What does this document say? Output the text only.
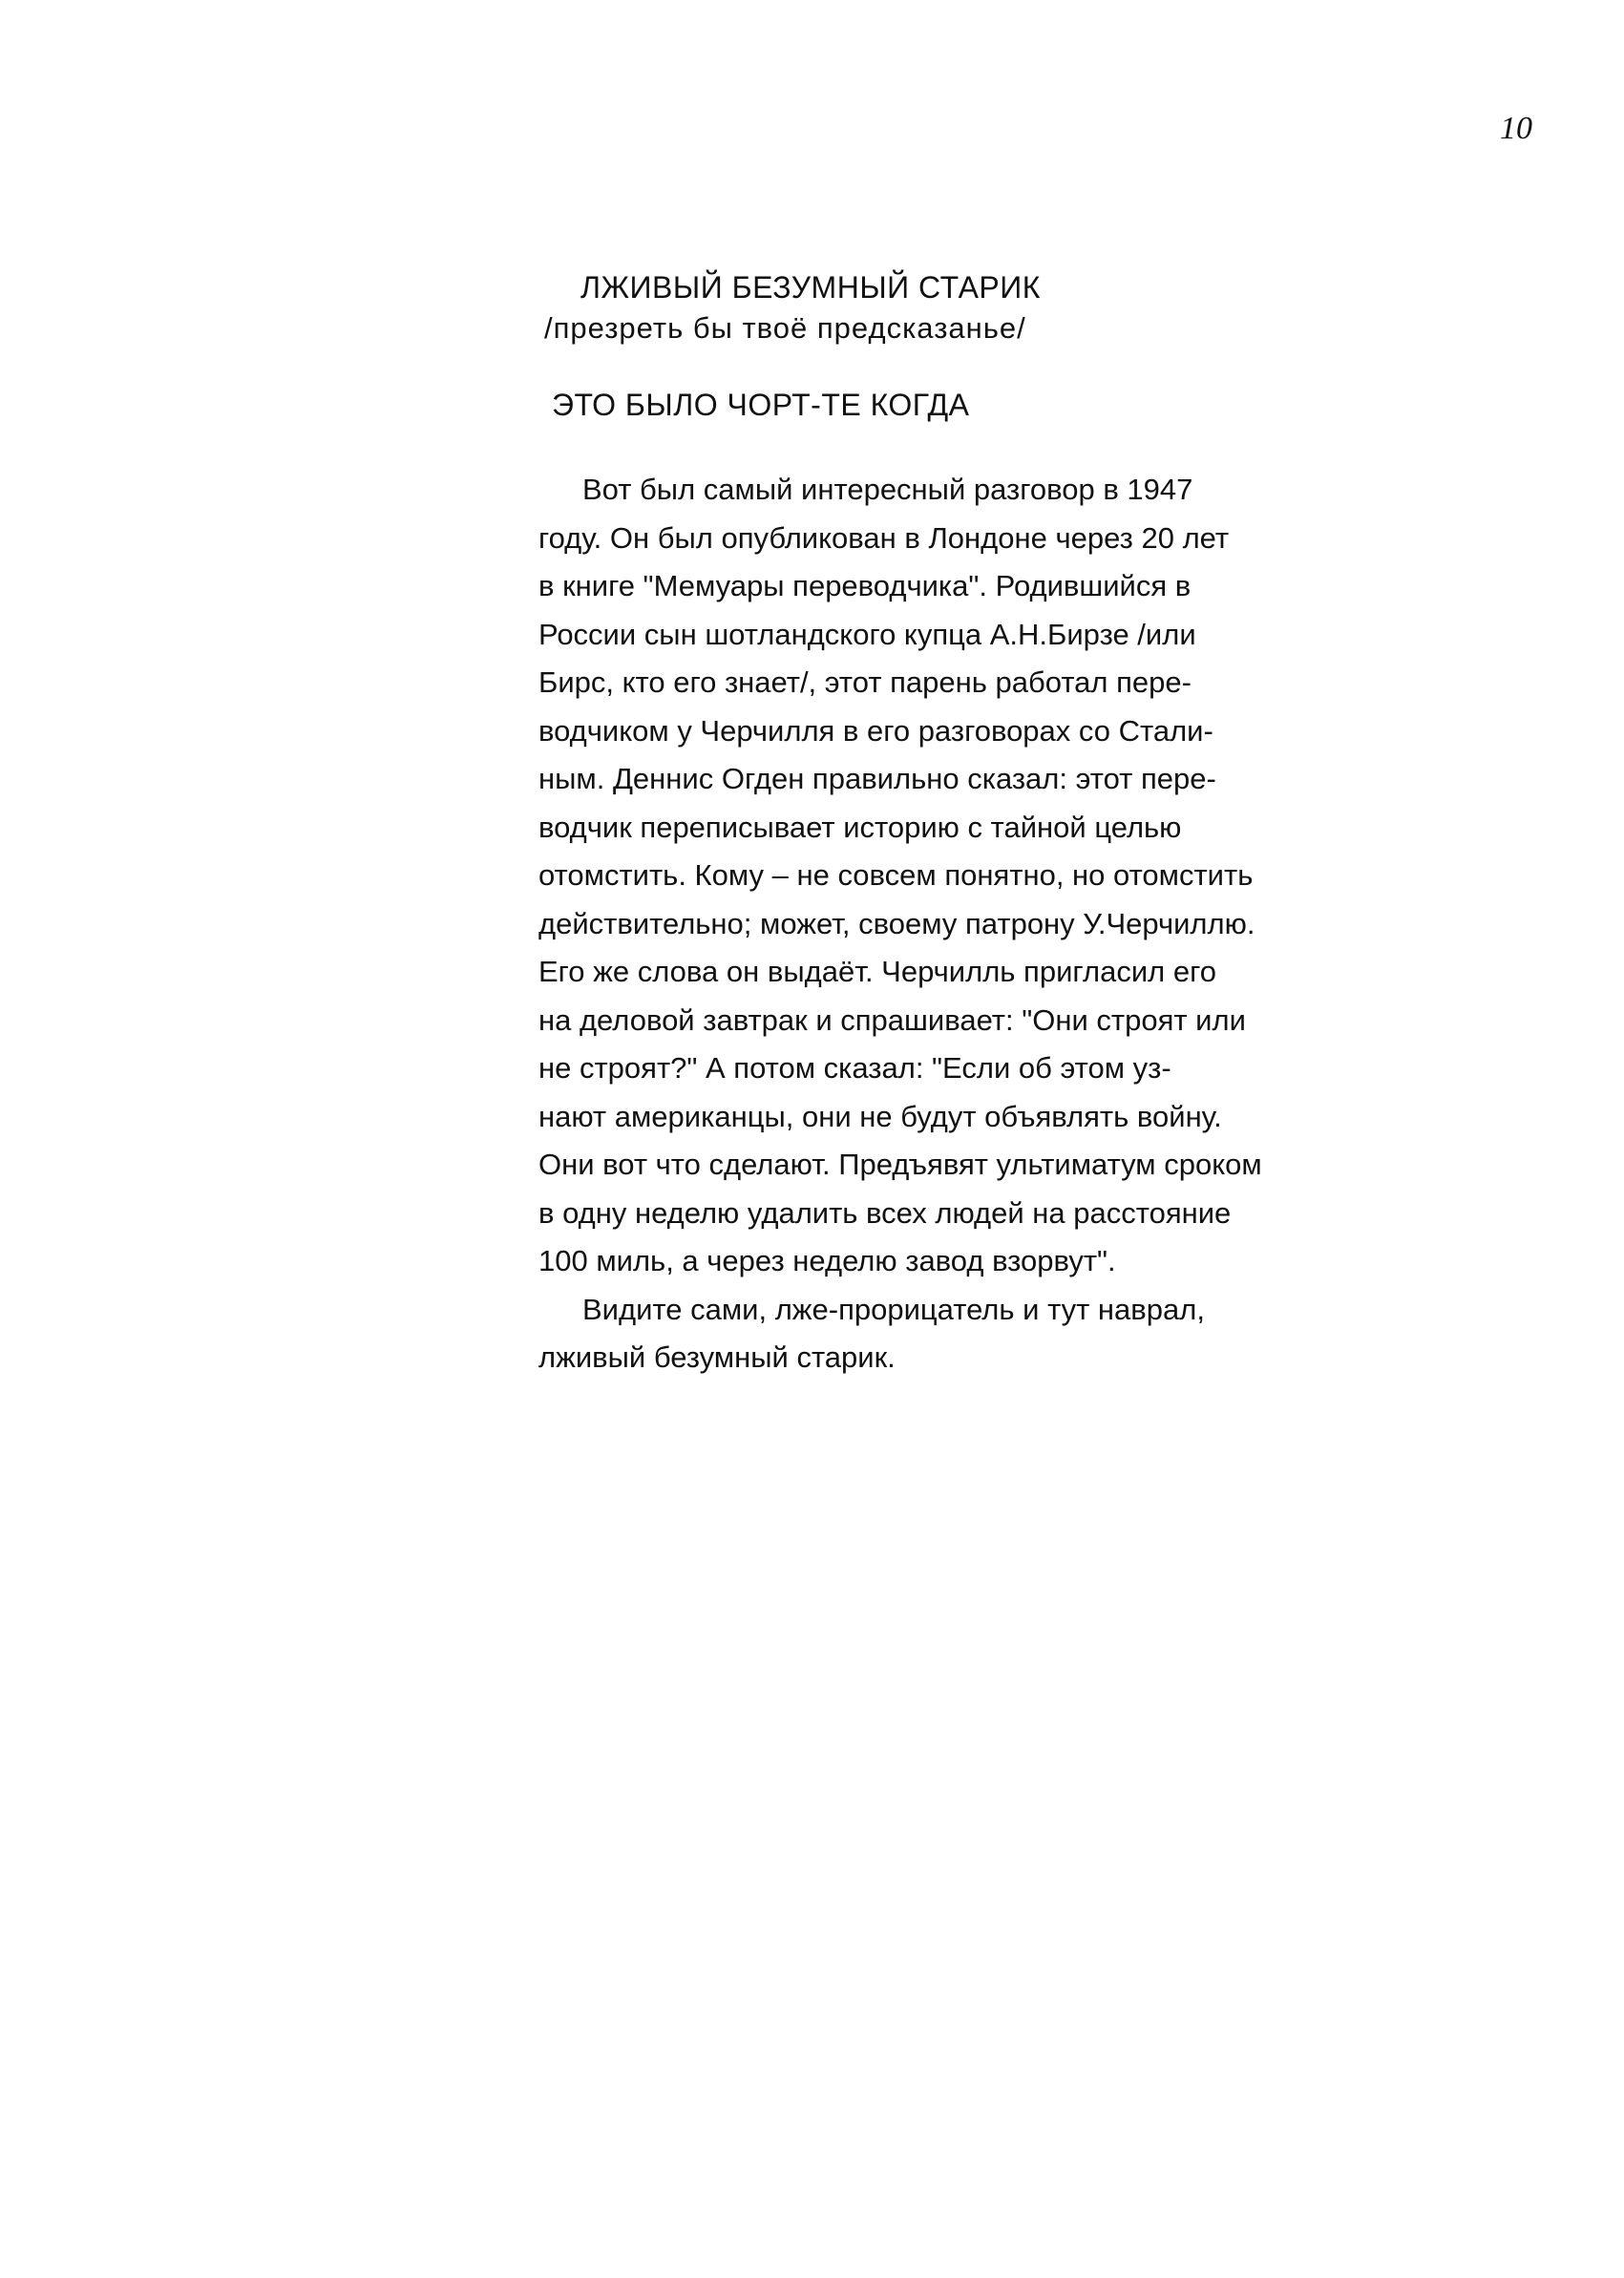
10
ЛЖИВЫЙ БЕЗУМНЫЙ СТАРИК
/презреть бы твоё предсказанье/
ЭТО БЫЛО ЧОРТ-ТЕ КОГДА
Вот был самый интересный разговор в 1947
году. Он был опубликован в Лондоне через 20 лет
в книге "Мемуары переводчика". Родившийся в
России сын шотландского купца А.Н.Бирзе /или
Бирс, кто его знает/, этот парень работал пере-
водчиком у Черчилля в его разговорах со Стали-
ным. Деннис Огден правильно сказал: этот пере-
водчик переписывает историю с тайной целью
отомстить. Кому – не совсем понятно, но отомстить
действительно; может, своему патрону У.Черчиллю.
Его же слова он выдаёт. Черчилль пригласил его
на деловой завтрак и спрашивает: "Они строят или
не строят?" А потом сказал: "Если об этом уз-
нают американцы, они не будут объявлять войну.
Они вот что сделают. Предъявят ультиматум сроком
в одну неделю удалить всех людей на расстояние
100 миль, а через неделю завод взорвут".
Видите сами, лже-прорицатель и тут наврал,
лживый безумный старик.
